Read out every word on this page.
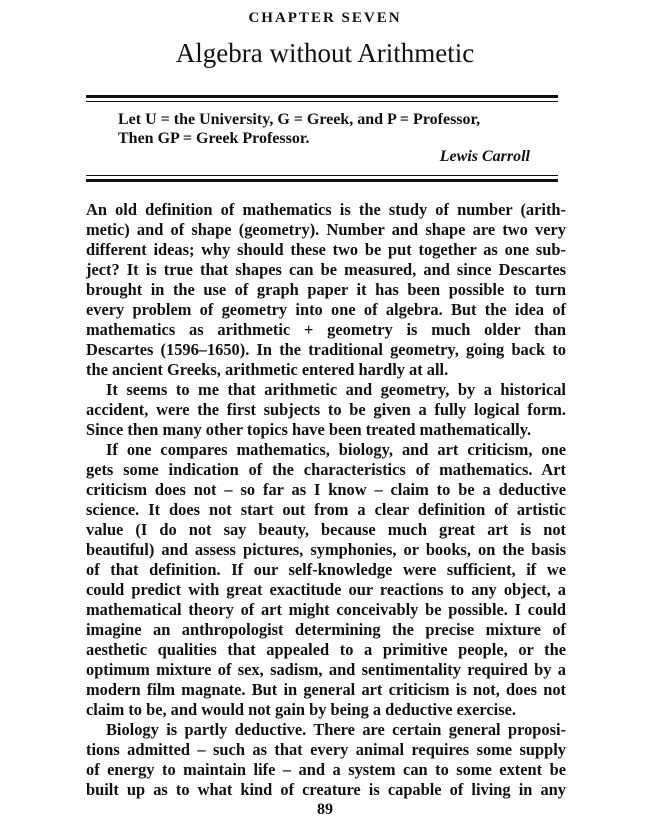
CHAPTER SEVEN
Algebra without Arithmetic
Let U = the University, G = Greek, and P = Professor,
Then GP = Greek Professor.
Lewis Carroll
An old definition of mathematics is the study of number (arith-
metic) and of shape (geometry). Number and shape are two very
different ideas; why should these two be put together as one sub-
ject? It is true that shapes can be measured, and since Descartes
brought in the use of graph paper it has been possible to turn
every problem of geometry into one of algebra. But the idea of
mathematics as arithmetic + geometry is much older than
Descartes (1596–1650). In the traditional geometry, going back to
the ancient Greeks, arithmetic entered hardly at all.
It seems to me that arithmetic and geometry, by a historical
accident, were the first subjects to be given a fully logical form.
Since then many other topics have been treated mathematically.
If one compares mathematics, biology, and art criticism, one
gets some indication of the characteristics of mathematics. Art
criticism does not – so far as I know – claim to be a deductive
science. It does not start out from a clear definition of artistic
value (I do not say beauty, because much great art is not
beautiful) and assess pictures, symphonies, or books, on the basis
of that definition. If our self-knowledge were sufficient, if we
could predict with great exactitude our reactions to any object, a
mathematical theory of art might conceivably be possible. I could
imagine an anthropologist determining the precise mixture of
aesthetic qualities that appealed to a primitive people, or the
optimum mixture of sex, sadism, and sentimentality required by a
modern film magnate. But in general art criticism is not, does not
claim to be, and would not gain by being a deductive exercise.
Biology is partly deductive. There are certain general proposi-
tions admitted – such as that every animal requires some supply
of energy to maintain life – and a system can to some extent be
built up as to what kind of creature is capable of living in any
89
